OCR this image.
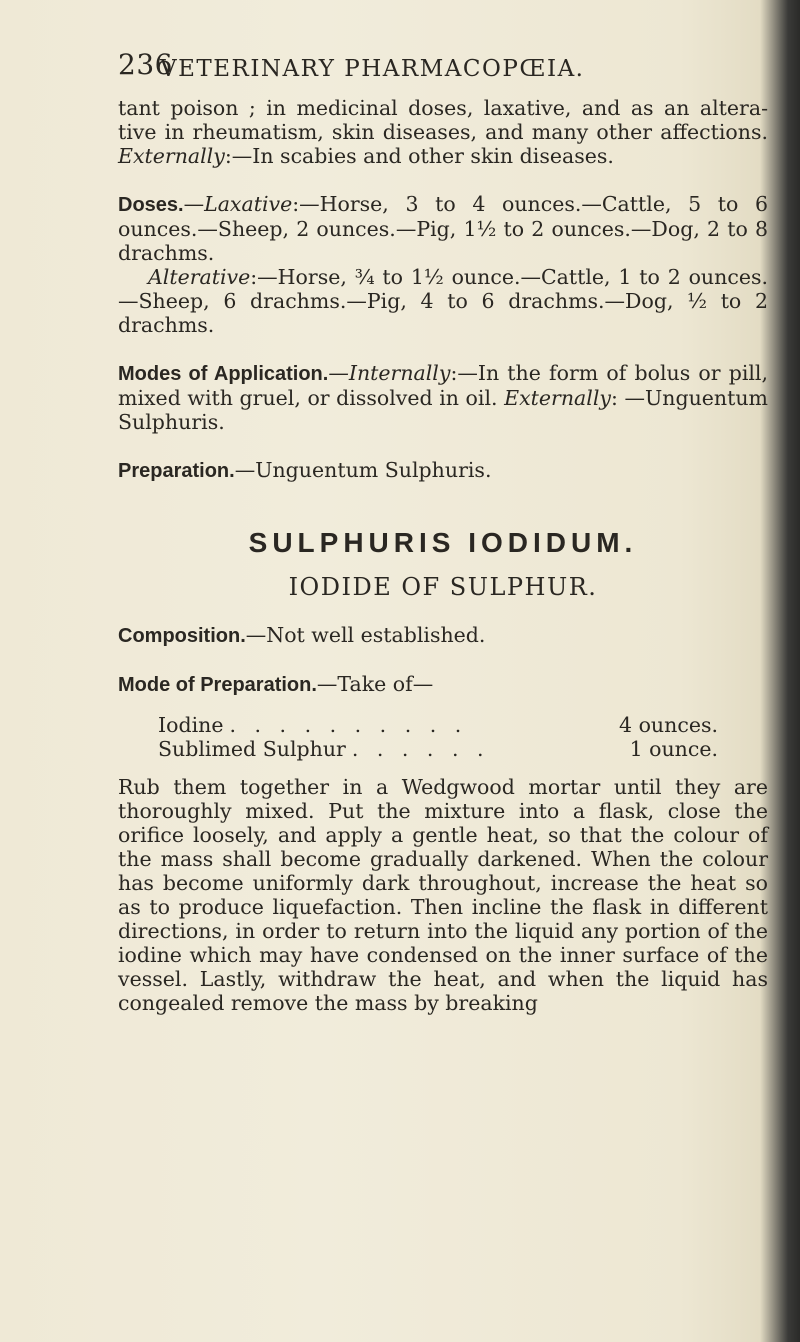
236
VETERINARY PHARMACOPŒIA.

tant poison ; in medicinal doses, laxative, and as an altera- tive in rheumatism, skin diseases, and many other affections. Externally:—In scabies and other skin diseases.

Doses.—Laxative:—Horse, 3 to 4 ounces.—Cattle, 5 to 6 ounces.—Sheep, 2 ounces.—Pig, 1½ to 2 ounces.—Dog, 2 to 8 drachms.

Alterative:—Horse, ¾ to 1½ ounce.—Cattle, 1 to 2 ounces.—Sheep, 6 drachms.—Pig, 4 to 6 drachms.—Dog, ½ to 2 drachms.

Modes of Application.—Internally:—In the form of bolus or pill, mixed with gruel, or dissolved in oil. Externally: —Unguentum Sulphuris.

Preparation.—Unguentum Sulphuris.

SULPHURIS IODIDUM.
IODIDE OF SULPHUR.

Composition.—Not well established.

Mode of Preparation.—Take of—

Iodine . . . . . . . . . .	4 ounces.
Sublimed Sulphur . . . . . .	1 ounce.

Rub them together in a Wedgwood mortar until they are thoroughly mixed. Put the mixture into a flask, close the orifice loosely, and apply a gentle heat, so that the colour of the mass shall become gradually darkened. When the colour has become uniformly dark throughout, increase the heat so as to produce liquefaction. Then incline the flask in different directions, in order to return into the liquid any portion of the iodine which may have condensed on the inner surface of the vessel. Lastly, withdraw the heat, and when the liquid has congealed remove the mass by breaking
